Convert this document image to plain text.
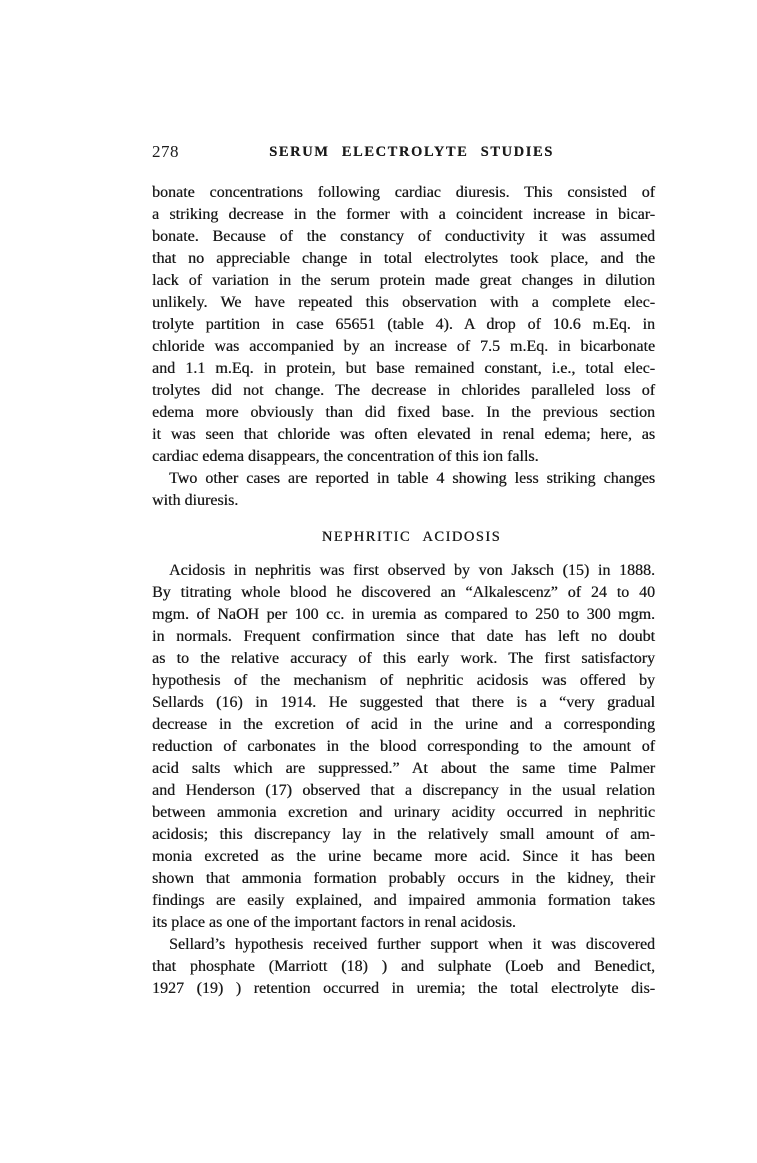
278	SERUM ELECTROLYTE STUDIES
bonate concentrations following cardiac diuresis. This consisted of
a striking decrease in the former with a coincident increase in bicar-
bonate. Because of the constancy of conductivity it was assumed
that no appreciable change in total electrolytes took place, and the
lack of variation in the serum protein made great changes in dilution
unlikely. We have repeated this observation with a complete elec-
trolyte partition in case 65651 (table 4). A drop of 10.6 m.Eq. in
chloride was accompanied by an increase of 7.5 m.Eq. in bicarbonate
and 1.1 m.Eq. in protein, but base remained constant, i.e., total elec-
trolytes did not change. The decrease in chlorides paralleled loss of
edema more obviously than did fixed base. In the previous section
it was seen that chloride was often elevated in renal edema; here, as
cardiac edema disappears, the concentration of this ion falls.
Two other cases are reported in table 4 showing less striking changes
with diuresis.
NEPHRITIC ACIDOSIS
Acidosis in nephritis was first observed by von Jaksch (15) in 1888.
By titrating whole blood he discovered an “Alkalescenz” of 24 to 40
mgm. of NaOH per 100 cc. in uremia as compared to 250 to 300 mgm.
in normals. Frequent confirmation since that date has left no doubt
as to the relative accuracy of this early work. The first satisfactory
hypothesis of the mechanism of nephritic acidosis was offered by
Sellards (16) in 1914. He suggested that there is a “very gradual
decrease in the excretion of acid in the urine and a corresponding
reduction of carbonates in the blood corresponding to the amount of
acid salts which are suppressed.” At about the same time Palmer
and Henderson (17) observed that a discrepancy in the usual relation
between ammonia excretion and urinary acidity occurred in nephritic
acidosis; this discrepancy lay in the relatively small amount of am-
monia excreted as the urine became more acid. Since it has been
shown that ammonia formation probably occurs in the kidney, their
findings are easily explained, and impaired ammonia formation takes
its place as one of the important factors in renal acidosis.
Sellard’s hypothesis received further support when it was discovered
that phosphate (Marriott (18) ) and sulphate (Loeb and Benedict,
1927 (19) ) retention occurred in uremia; the total electrolyte dis-
